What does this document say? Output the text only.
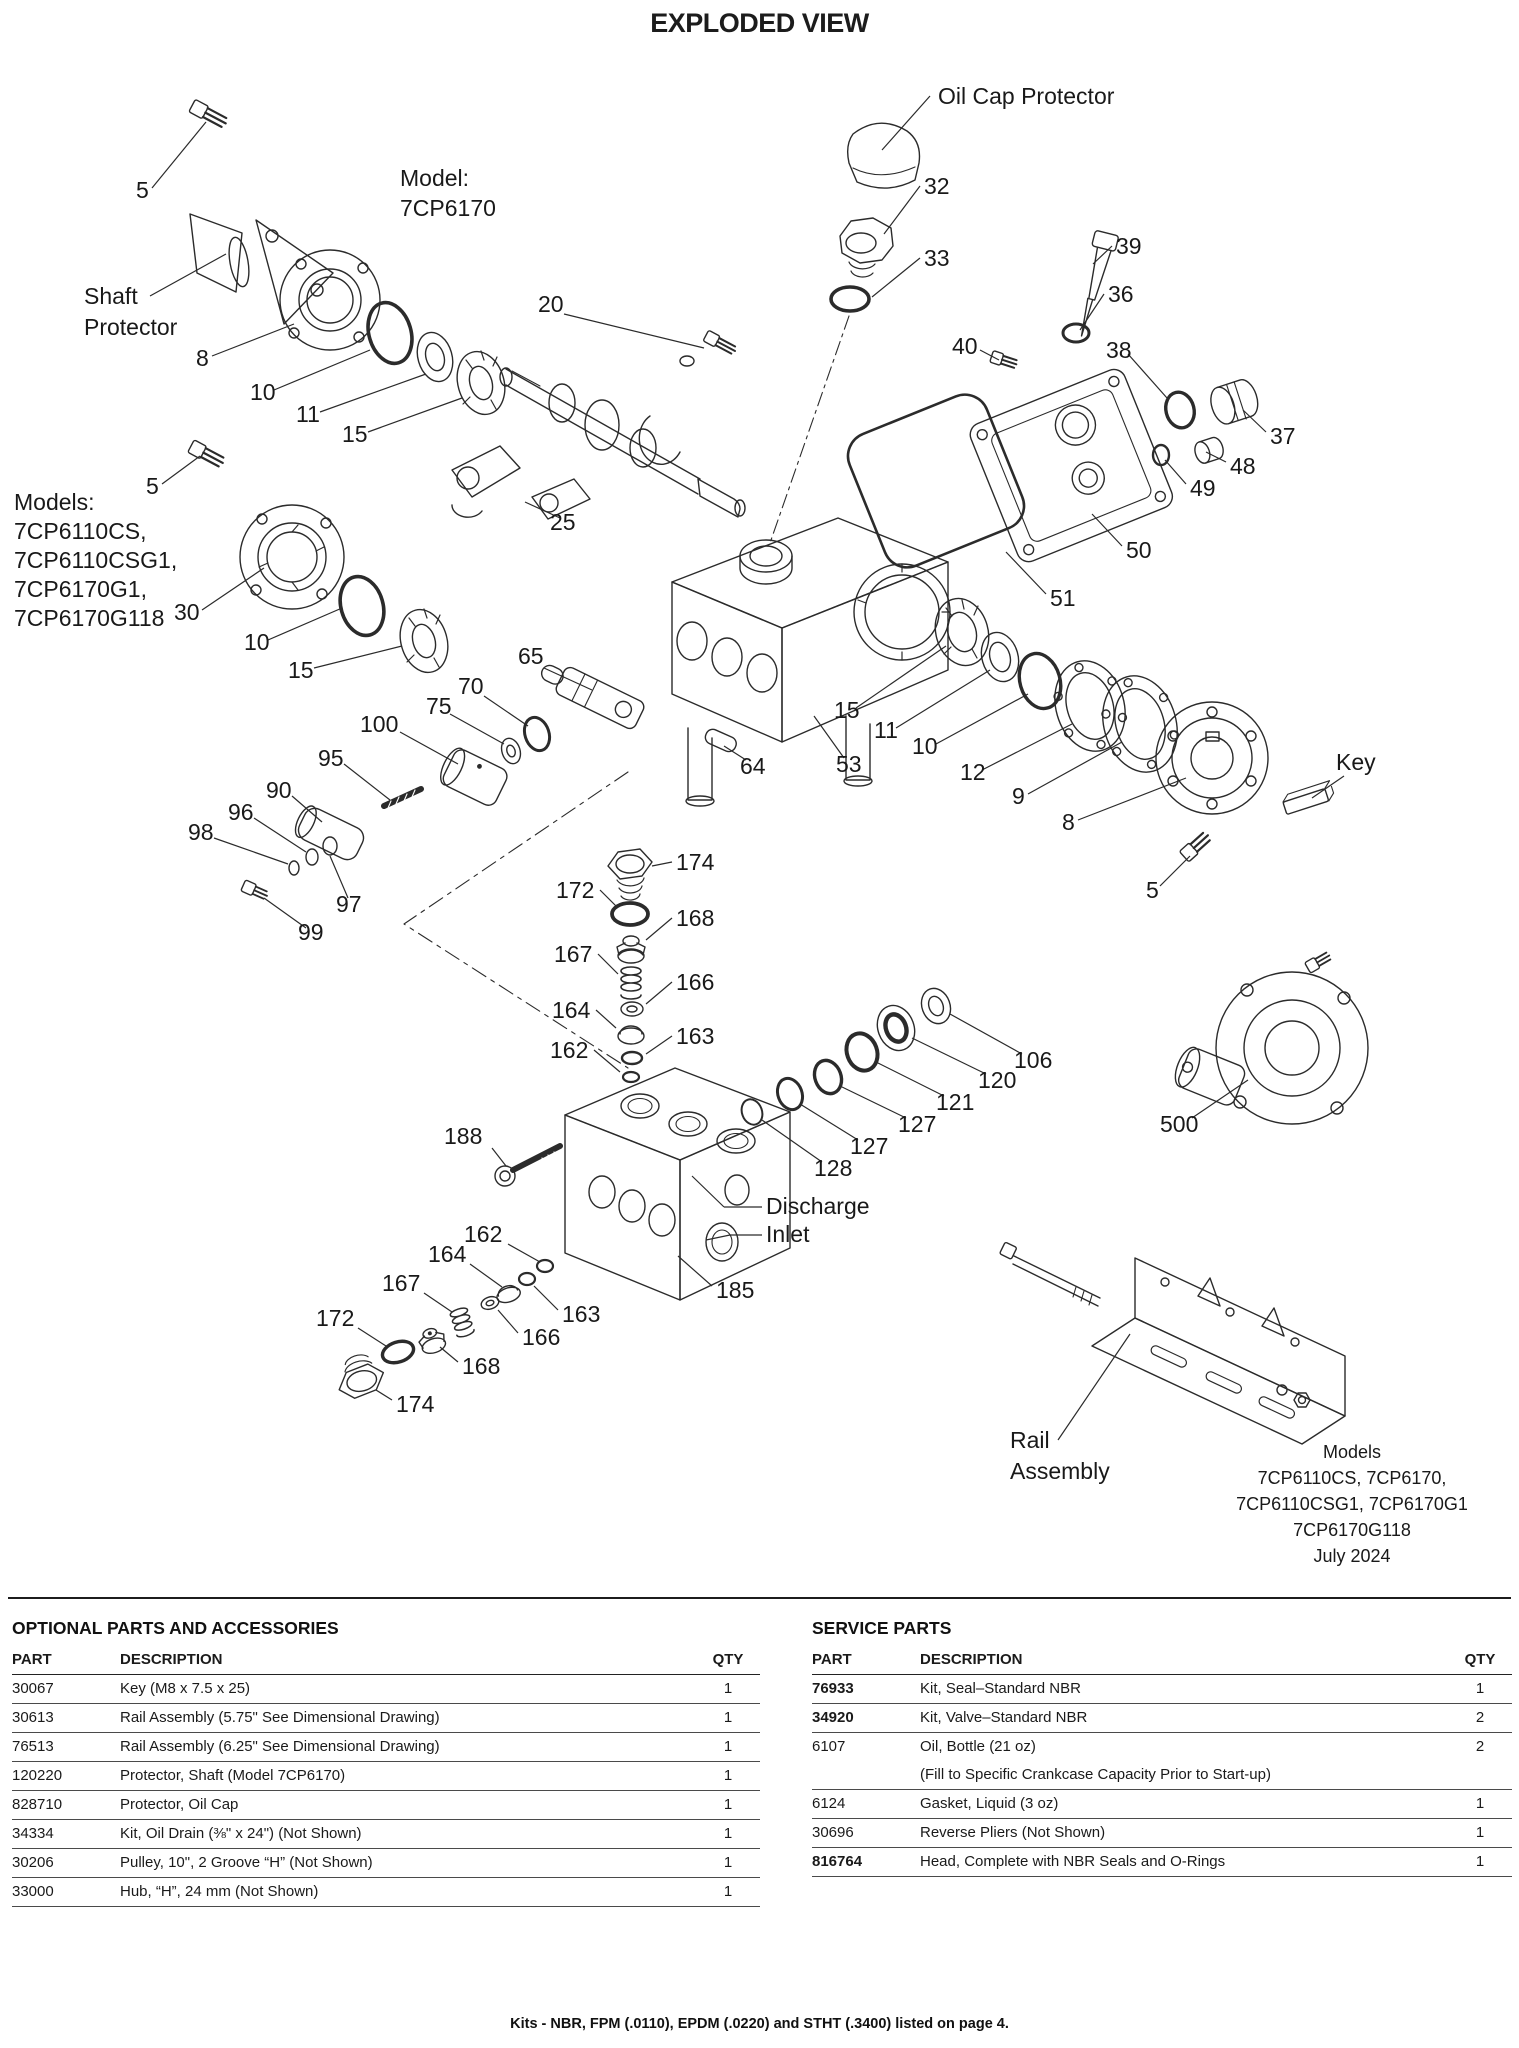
EXPLODED VIEW
Oil Cap Protector
5
Shaft Protector
Model: 7CP6170
8
10
11
15
20
25
32
33	39
36
40	38
37
48
49
50
51
Models: 7CP6110CS, 7CP6110CSG1, 7CP6170G1, 7CP6170G118
5
30
10
15
65
70
75
100
95
90
96
98
97
99
64	53
15
11
10
12
9
8
Key
5
174
172
168
167
166
164
163
162	106
120
121
127
127
128
500
188
162
164
167
172	163
166
168
174
185
Discharge
Inlet
Rail Assembly
Models 7CP6110CS, 7CP6170, 7CP6110CSG1, 7CP6170G1 7CP6170G118 July 2024
OPTIONAL PARTS AND ACCESSORIES
PART	DESCRIPTION	QTY
30067	Key (M8 x 7.5 x 25)	1
30613	Rail Assembly (5.75" See Dimensional Drawing)	1
76513	Rail Assembly (6.25" See Dimensional Drawing)	1
120220	Protector, Shaft (Model 7CP6170)	1
828710	Protector, Oil Cap	1
34334	Kit, Oil Drain (⅜" x 24") (Not Shown)	1
30206	Pulley, 10", 2 Groove “H” (Not Shown)	1
33000	Hub, “H”, 24 mm (Not Shown)	1
SERVICE PARTS
PART	DESCRIPTION	QTY
76933	Kit, Seal–Standard NBR	1
34920	Kit, Valve–Standard NBR	2
6107	Oil, Bottle (21 oz)	2
(Fill to Specific Crankcase Capacity Prior to Start-up)
6124	Gasket, Liquid (3 oz)	1
30696	Reverse Pliers (Not Shown)	1
816764	Head, Complete with NBR Seals and O-Rings	1
Kits - NBR, FPM (.0110), EPDM (.0220) and STHT (.3400) listed on page 4.
